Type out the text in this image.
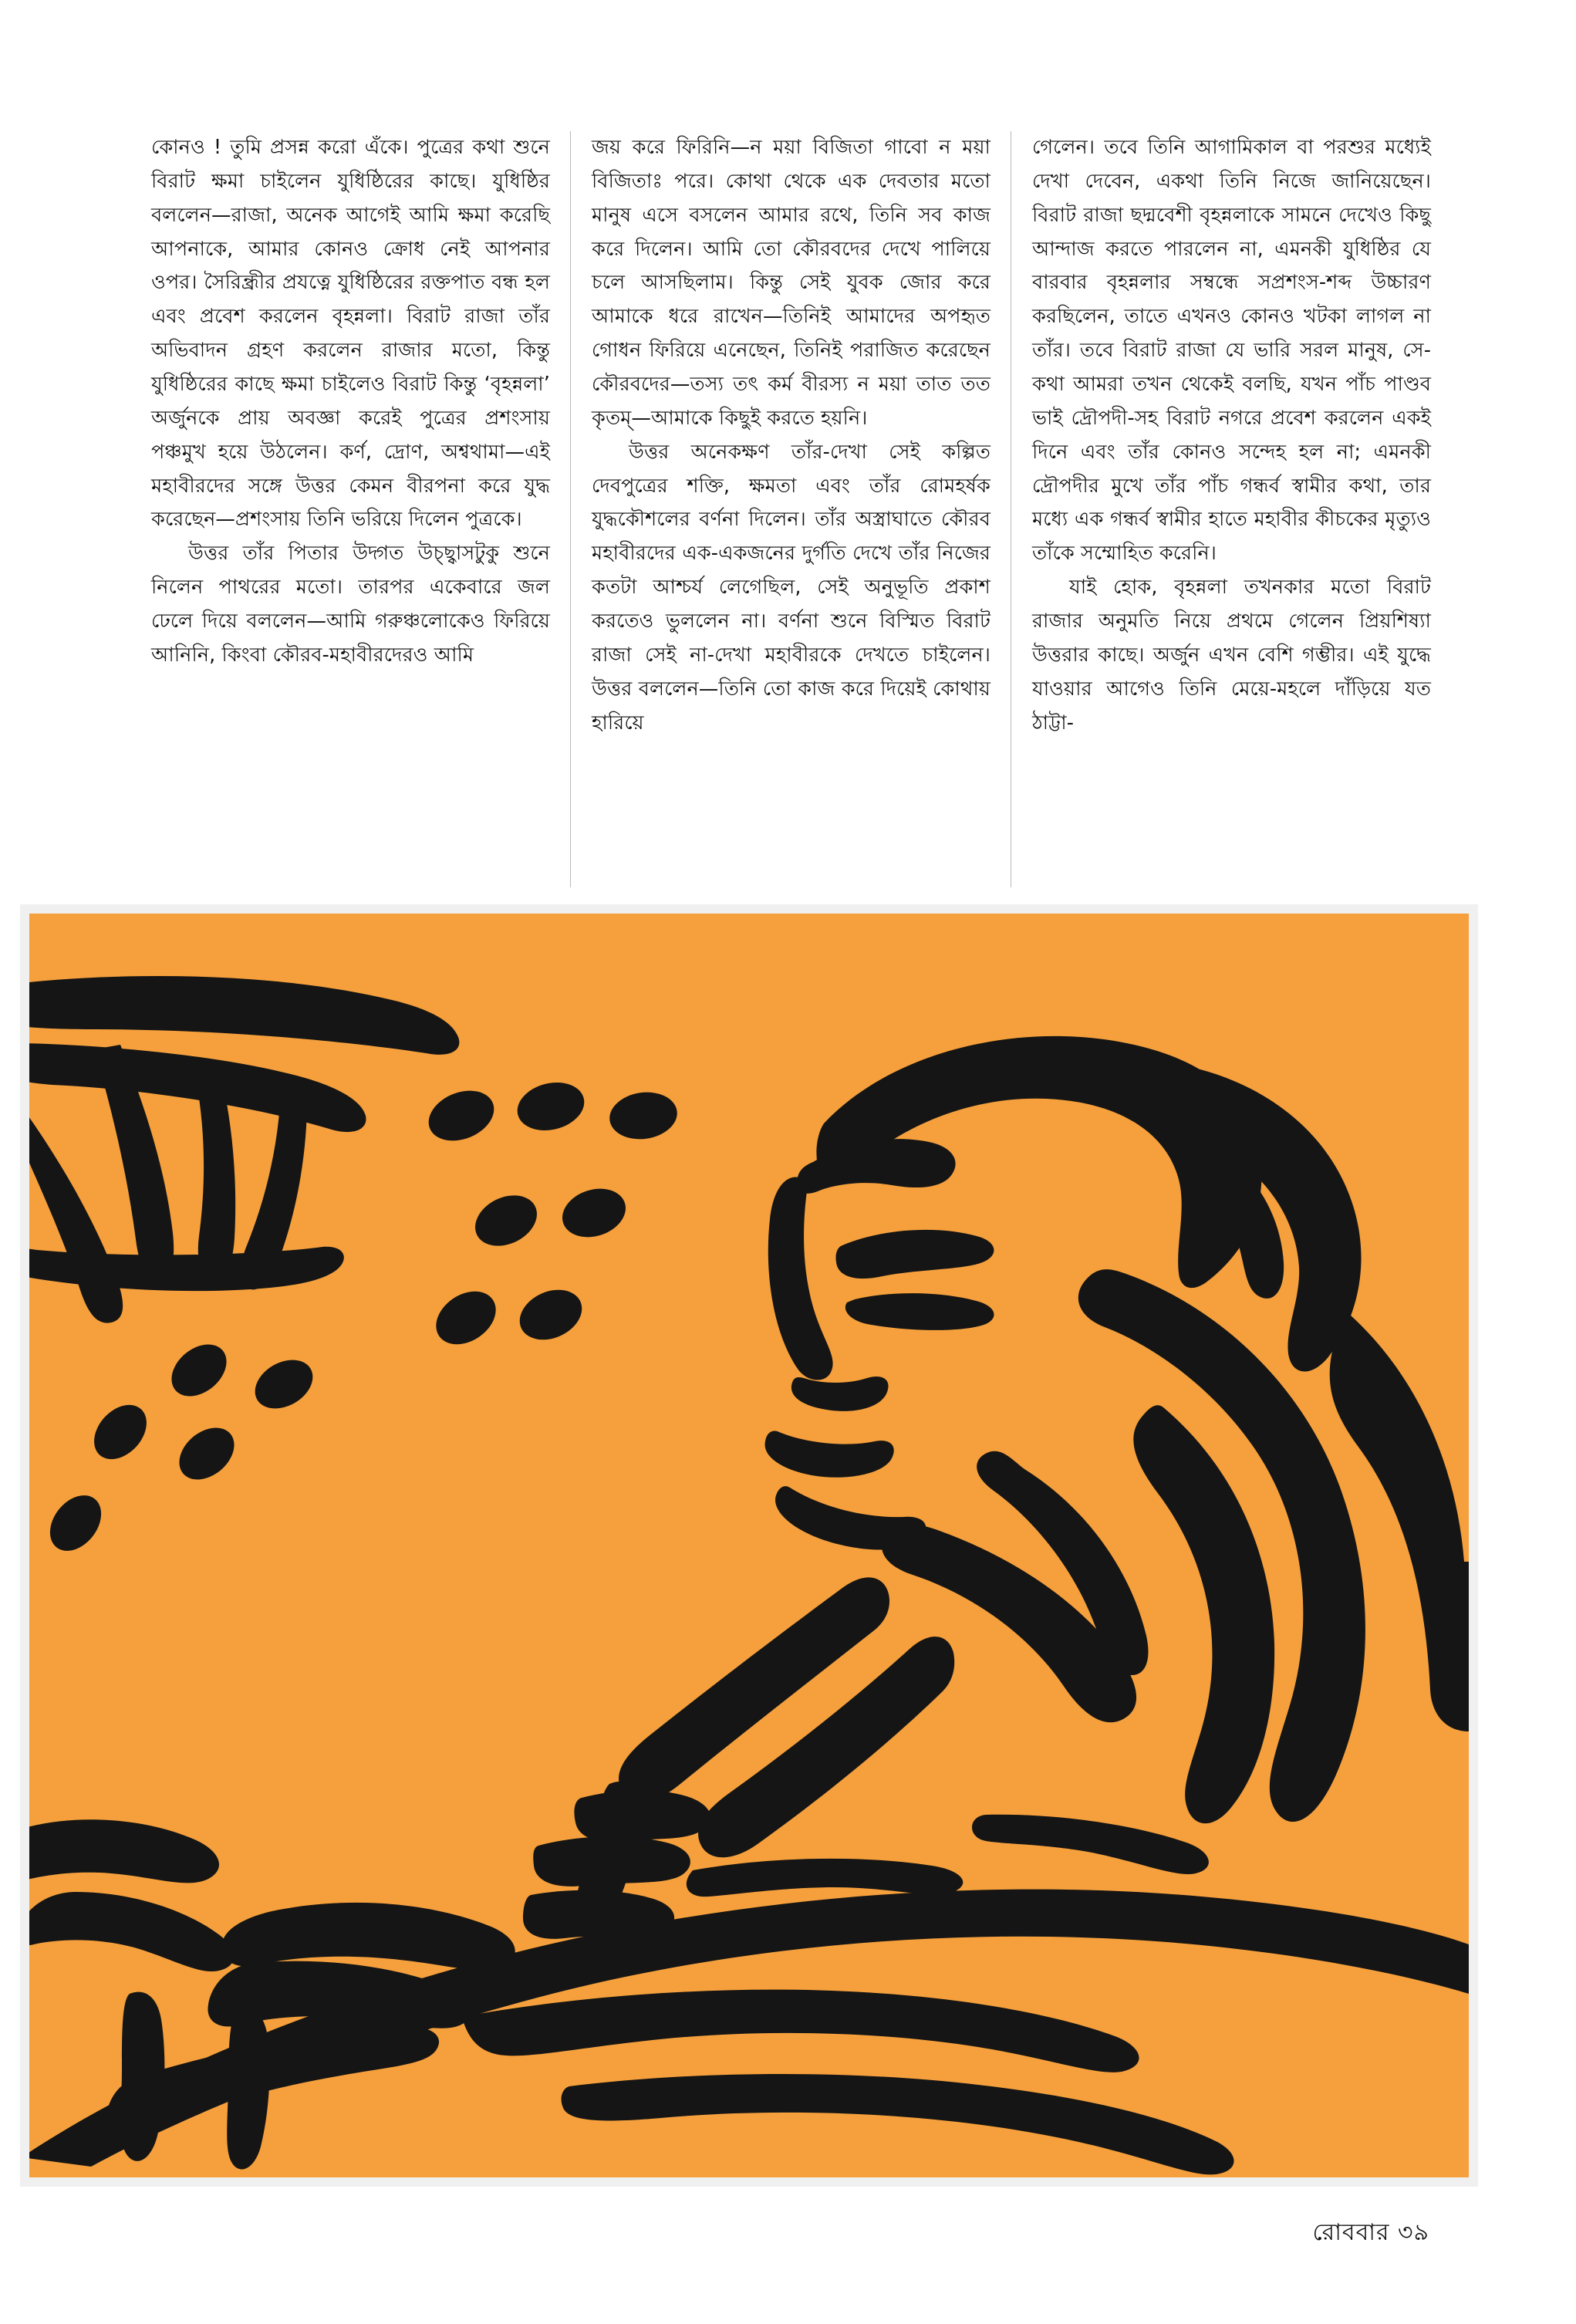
কোনও ! তুমি প্রসন্ন করো এঁকে। পুত্রের কথা শুনে বিরাট ক্ষমা চাইলেন যুধিষ্ঠিরের কাছে। যুধিষ্ঠির বললেন—রাজা, অনেক আগেই আমি ক্ষমা করেছি আপনাকে, আমার কোনও ক্রোধ নেই আপনার ওপর। সৈরিন্ধ্রীর প্রযত্নে যুধিষ্ঠিরের রক্তপাত বন্ধ হল এবং প্রবেশ করলেন বৃহন্নলা। বিরাট রাজা তাঁর অভিবাদন গ্রহণ করলেন রাজার মতো, কিন্তু যুধিষ্ঠিরের কাছে ক্ষমা চাইলেও বিরাট কিন্তু ‘বৃহন্নলা’ অর্জুনকে প্রায় অবজ্ঞা করেই পুত্রের প্রশংসায় পঞ্চমুখ হয়ে উঠলেন। কর্ণ, দ্রোণ, অশ্বথামা—এই মহাবীরদের সঙ্গে উত্তর কেমন বীরপনা করে যুদ্ধ করেছেন—প্রশংসায় তিনি ভরিয়ে দিলেন পুত্রকে।

উত্তর তাঁর পিতার উদ্গত উচ্ছ্বাসটুকু শুনে নিলেন পাথরের মতো। তারপর একেবারে জল ঢেলে দিয়ে বললেন—আমি গরুঞ্চলোকেও ফিরিয়ে আনিনি, কিংবা কৌরব-মহাবীরদেরও আমি

জয় করে ফিরিনি—ন ময়া বিজিতা গাবো ন ময়া বিজিতাঃ পরে। কোথা থেকে এক দেবতার মতো মানুষ এসে বসলেন আমার রথে, তিনি সব কাজ করে দিলেন। আমি তো কৌরবদের দেখে পালিয়ে চলে আসছিলাম। কিন্তু সেই যুবক জোর করে আমাকে ধরে রাখেন—তিনিই আমাদের অপহৃত গোধন ফিরিয়ে এনেছেন, তিনিই পরাজিত করেছেন কৌরবদের—তস্য তৎ কর্ম বীরস্য ন ময়া তাত তত কৃতম্—আমাকে কিছুই করতে হয়নি।

উত্তর অনেকক্ষণ তাঁর-দেখা সেই কল্পিত দেবপুত্রের শক্তি, ক্ষমতা এবং তাঁর রোমহর্ষক যুদ্ধকৌশলের বর্ণনা দিলেন। তাঁর অস্ত্রাঘাতে কৌরব মহাবীরদের এক-একজনের দুর্গতি দেখে তাঁর নিজের কতটা আশ্চর্য লেগেছিল, সেই অনুভূতি প্রকাশ করতেও ভুললেন না। বর্ণনা শুনে বিস্মিত বিরাট রাজা সেই না-দেখা মহাবীরকে দেখতে চাইলেন। উত্তর বললেন—তিনি তো কাজ করে দিয়েই কোথায় হারিয়ে

গেলেন। তবে তিনি আগামিকাল বা পরশুর মধ্যেই দেখা দেবেন, একথা তিনি নিজে জানিয়েছেন। বিরাট রাজা ছদ্মবেশী বৃহন্নলাকে সামনে দেখেও কিছু আন্দাজ করতে পারলেন না, এমনকী যুধিষ্ঠির যে বারবার বৃহন্নলার সম্বন্ধে সপ্রশংস-শব্দ উচ্চারণ করছিলেন, তাতে এখনও কোনও খটকা লাগল না তাঁর। তবে বিরাট রাজা যে ভারি সরল মানুষ, সে-কথা আমরা তখন থেকেই বলছি, যখন পাঁচ পাণ্ডব ভাই দ্রৌপদী-সহ বিরাট নগরে প্রবেশ করলেন একই দিনে এবং তাঁর কোনও সন্দেহ হল না; এমনকী দ্রৌপদীর মুখে তাঁর পাঁচ গন্ধর্ব স্বামীর কথা, তার মধ্যে এক গন্ধর্ব স্বামীর হাতে মহাবীর কীচকের মৃত্যুও তাঁকে সম্মোহিত করেনি।

যাই হোক, বৃহন্নলা তখনকার মতো বিরাট রাজার অনুমতি নিয়ে প্রথমে গেলেন প্রিয়শিষ্যা উত্তরার কাছে। অর্জুন এখন বেশি গম্ভীর। এই যুদ্ধে যাওয়ার আগেও তিনি মেয়ে-মহলে দাঁড়িয়ে যত ঠাট্টা-

রোববার ৩৯
